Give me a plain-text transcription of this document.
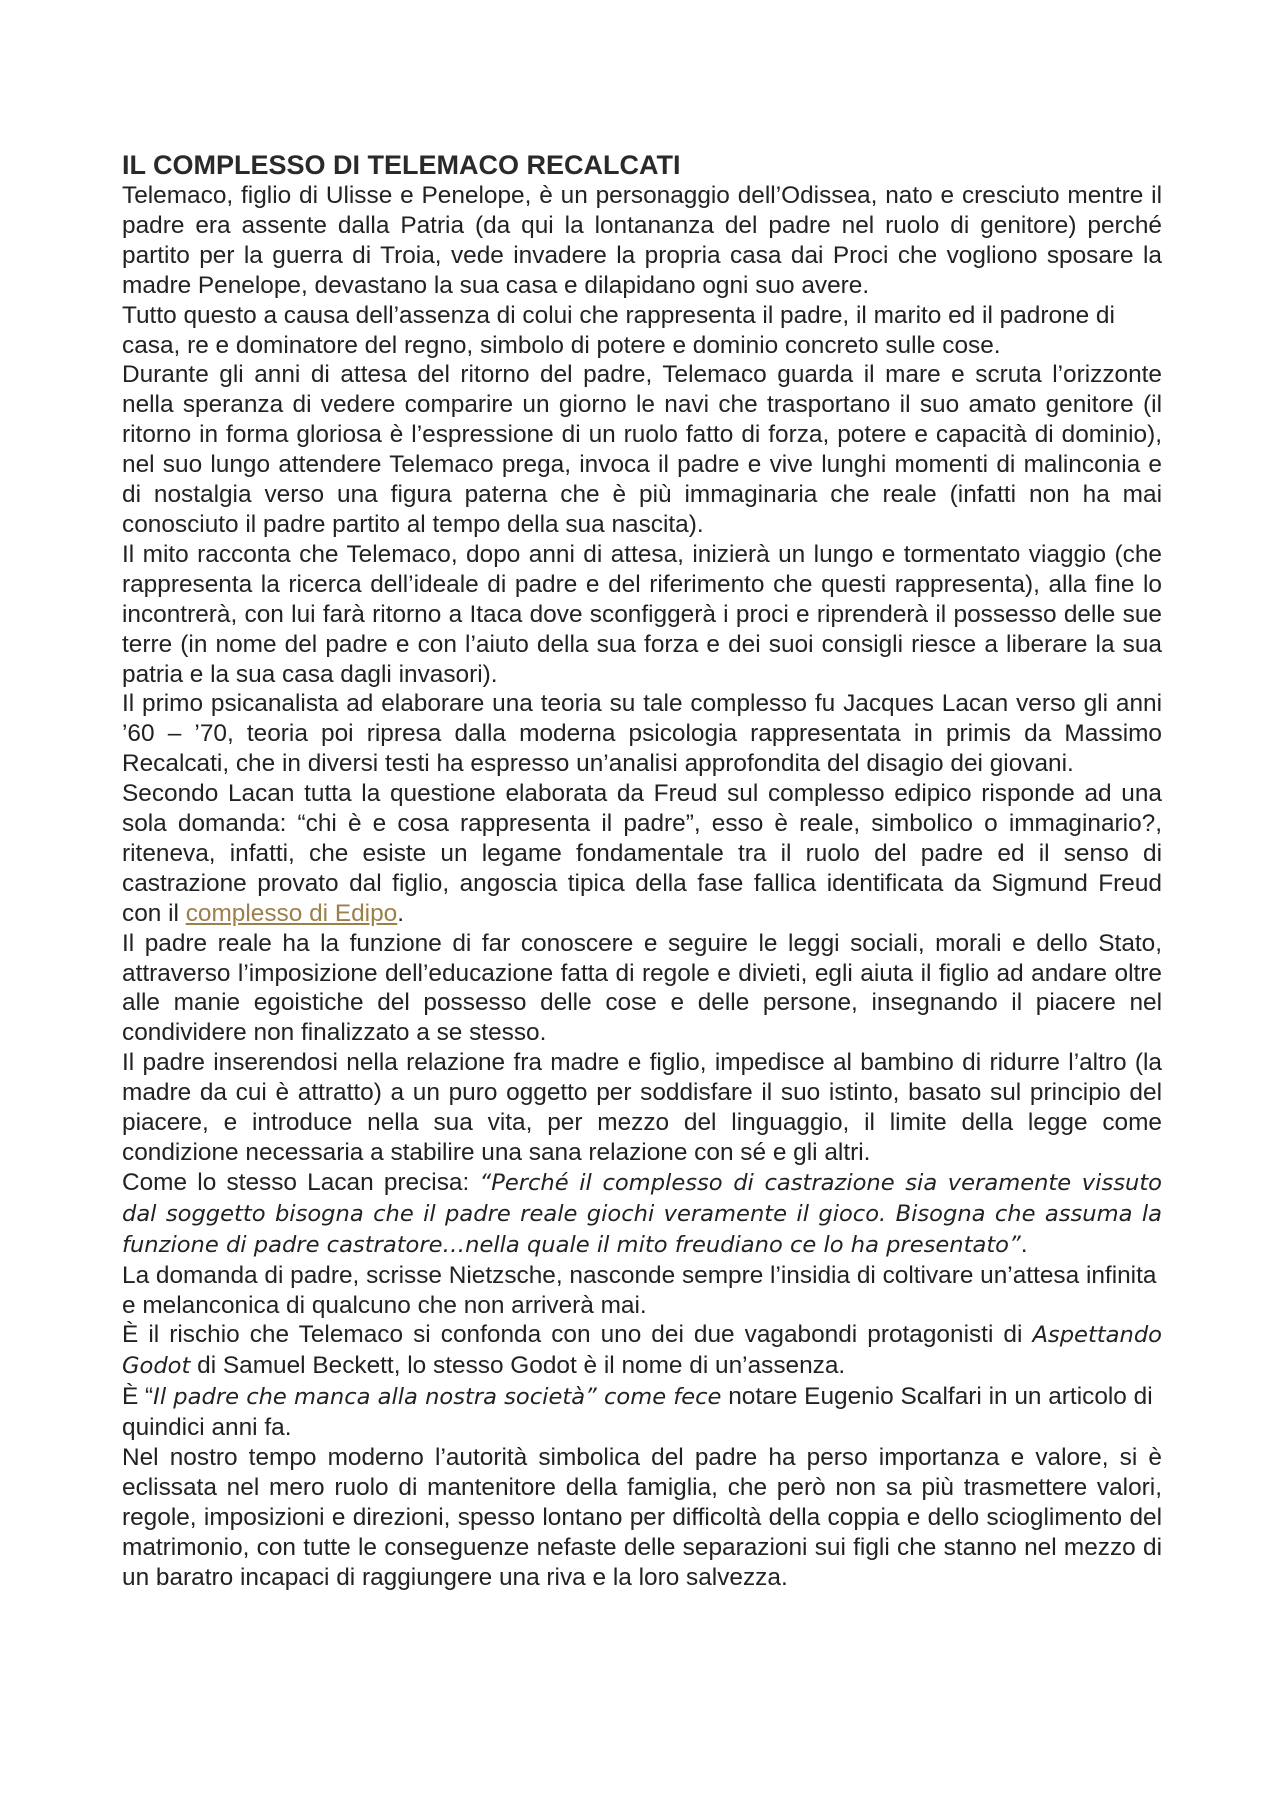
IL COMPLESSO DI TELEMACO RECALCATI

Telemaco, figlio di Ulisse e Penelope, è un personaggio dell’Odissea, nato e cresciuto mentre il padre era assente dalla Patria (da qui la lontananza del padre nel ruolo di genitore) perché partito per la guerra di Troia, vede invadere la propria casa dai Proci che vogliono sposare la madre Penelope, devastano la sua casa e dilapidano ogni suo avere.

Tutto questo a causa dell’assenza di colui che rappresenta il padre, il marito ed il padrone di casa, re e dominatore del regno, simbolo di potere e dominio concreto sulle cose.

Durante gli anni di attesa del ritorno del padre, Telemaco guarda il mare e scruta l’orizzonte nella speranza di vedere comparire un giorno le navi che trasportano il suo amato genitore (il ritorno in forma gloriosa è l’espressione di un ruolo fatto di forza, potere e capacità di dominio), nel suo lungo attendere Telemaco prega, invoca il padre e vive lunghi momenti di malinconia e di nostalgia verso una figura paterna che è più immaginaria che reale (infatti non ha mai conosciuto il padre partito al tempo della sua nascita).

Il mito racconta che Telemaco, dopo anni di attesa, inizierà un lungo e tormentato viaggio (che rappresenta la ricerca dell’ideale di padre e del riferimento che questi rappresenta), alla fine lo incontrerà, con lui farà ritorno a Itaca dove sconfiggerà i proci e riprenderà il possesso delle sue terre (in nome del padre e con l’aiuto della sua forza e dei suoi consigli riesce a liberare la sua patria e la sua casa dagli invasori).

Il primo psicanalista ad elaborare una teoria su tale complesso fu Jacques Lacan verso gli anni ’60 – ’70, teoria poi ripresa dalla moderna psicologia rappresentata in primis da Massimo Recalcati, che in diversi testi ha espresso un’analisi approfondita del disagio dei giovani.

Secondo Lacan tutta la questione elaborata da Freud sul complesso edipico risponde ad una sola domanda: “chi è e cosa rappresenta il padre”, esso è reale, simbolico o immaginario?, riteneva, infatti, che esiste un legame fondamentale tra il ruolo del padre ed il senso di castrazione provato dal figlio, angoscia tipica della fase fallica identificata da Sigmund Freud con il complesso di Edipo.

Il padre reale ha la funzione di far conoscere e seguire le leggi sociali, morali e dello Stato, attraverso l’imposizione dell’educazione fatta di regole e divieti, egli aiuta il figlio ad andare oltre alle manie egoistiche del possesso delle cose e delle persone, insegnando il piacere nel condividere non finalizzato a se stesso.

Il padre inserendosi nella relazione fra madre e figlio, impedisce al bambino di ridurre l’altro (la madre da cui è attratto) a un puro oggetto per soddisfare il suo istinto, basato sul principio del piacere, e introduce nella sua vita, per mezzo del linguaggio, il limite della legge come condizione necessaria a stabilire una sana relazione con sé e gli altri.

Come lo stesso Lacan precisa: “Perché il complesso di castrazione sia veramente vissuto dal soggetto bisogna che il padre reale giochi veramente il gioco. Bisogna che assuma la funzione di padre castratore…nella quale il mito freudiano ce lo ha presentato”.

La domanda di padre, scrisse Nietzsche, nasconde sempre l’insidia di coltivare un’attesa infinita e melanconica di qualcuno che non arriverà mai.

È il rischio che Telemaco si confonda con uno dei due vagabondi protagonisti di Aspettando Godot di Samuel Beckett, lo stesso Godot è il nome di un’assenza.

È “Il padre che manca alla nostra società” come fece notare Eugenio Scalfari in un articolo di quindici anni fa.

Nel nostro tempo moderno l’autorità simbolica del padre ha perso importanza e valore, si è eclissata nel mero ruolo di mantenitore della famiglia, che però non sa più trasmettere valori, regole, imposizioni e direzioni, spesso lontano per difficoltà della coppia e dello scioglimento del matrimonio, con tutte le conseguenze nefaste delle separazioni sui figli che stanno nel mezzo di un baratro incapaci di raggiungere una riva e la loro salvezza.
